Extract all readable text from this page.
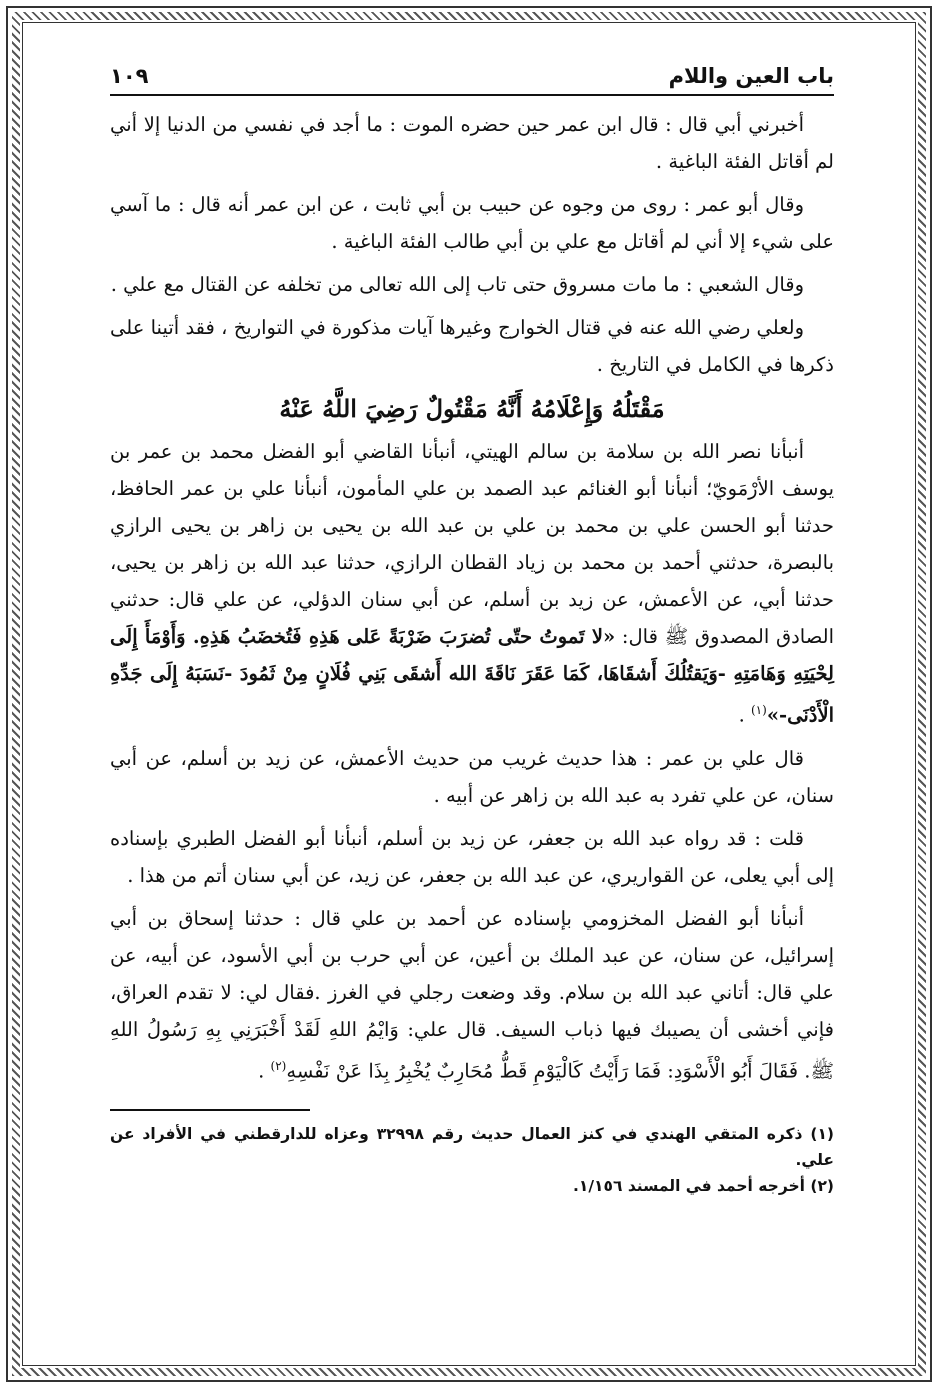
باب العين واللام
١٠٩

أخبرني أبي قال : قال ابن عمر حين حضره الموت : ما أجد في نفسي من الدنيا إلا أني لم أقاتل الفئة الباغية .

وقال أبو عمر : روى من وجوه عن حبيب بن أبي ثابت ، عن ابن عمر أنه قال : ما آسي على شيء إلا أني لم أقاتل مع علي بن أبي طالب الفئة الباغية .

وقال الشعبي : ما مات مسروق حتى تاب إلى الله تعالى من تخلفه عن القتال مع علي .

ولعلي رضي الله عنه في قتال الخوارج وغيرها آيات مذكورة في التواريخ ، فقد أتينا على ذكرها في الكامل في التاريخ .

مَقْتَلُهُ وَإِعْلَامُهُ أَنَّهُ مَقْتُولٌ رَضِيَ اللَّهُ عَنْهُ

أنبأنا نصر الله بن سلامة بن سالم الهيتي، أنبأنا القاضي أبو الفضل محمد بن عمر بن يوسف الأرْمَويّ؛ أنبأنا أبو الغنائم عبد الصمد بن علي المأمون، أنبأنا علي بن عمر الحافظ، حدثنا أبو الحسن علي بن محمد بن علي بن عبد الله بن يحيى بن زاهر بن يحيى الرازي بالبصرة، حدثني أحمد بن محمد بن زياد القطان الرازي، حدثنا عبد الله بن زاهر بن يحيى، حدثنا أبي، عن الأعمش، عن زيد بن أسلم، عن أبي سنان الدؤلي، عن علي قال: حدثني الصادق المصدوق ﷺ قال: «لا تَموتُ حتّى تُضرَبَ ضَرْبَةً عَلى هَذِهِ فَتُخضَبُ هَذِهِ. وَأَوْمَأَ إِلَى لِحْيَتِهِ وَهَامَتِهِ -وَيَقتُلُكَ أَشقَاهَا، كَمَا عَقَرَ نَاقَةَ الله أَشقَى بَنِي فُلَانٍ مِنْ ثَمُودَ -نَسَبَهُ إِلَى جَدِّهِ الْأَدْنَى-»$^{(١)}$ .

قال علي بن عمر : هذا حديث غريب من حديث الأعمش، عن زيد بن أسلم، عن أبي سنان، عن علي تفرد به عبد الله بن زاهر عن أبيه .

قلت : قد رواه عبد الله بن جعفر، عن زيد بن أسلم، أنبأنا أبو الفضل الطبري بإسناده إلى أبي يعلى، عن القواريري، عن عبد الله بن جعفر، عن زيد، عن أبي سنان أتم من هذا .

أنبأنا أبو الفضل المخزومي بإسناده عن أحمد بن علي قال : حدثنا إسحاق بن أبي إسرائيل، عن سنان، عن عبد الملك بن أعين، عن أبي حرب بن أبي الأسود، عن أبيه، عن علي قال: أتاني عبد الله بن سلام. وقد وضعت رجلي في الغرز .فقال لي: لا تقدم العراق، فإني أخشى أن يصيبك فيها ذباب السيف. قال علي: وَايْمُ اللهِ لَقَدْ أَخْبَرَنِي بِهِ رَسُولُ اللهِ ﷺ. فَقَالَ أَبُو الْأَسْوَدِ: فَمَا رَأَيْتُ كَالْيَوْمِ قَطُّ مُحَارِبٌ يُخْبِرُ بِذَا عَنْ نَفْسِهِ$^{(٢)}$ .

(١) ذكره المتقي الهندي في كنز العمال حديث رقم ٣٢٩٩٨ وعزاه للدارقطني في الأفراد عن علي.

(٢) أخرجه أحمد في المسند ١/١٥٦.
